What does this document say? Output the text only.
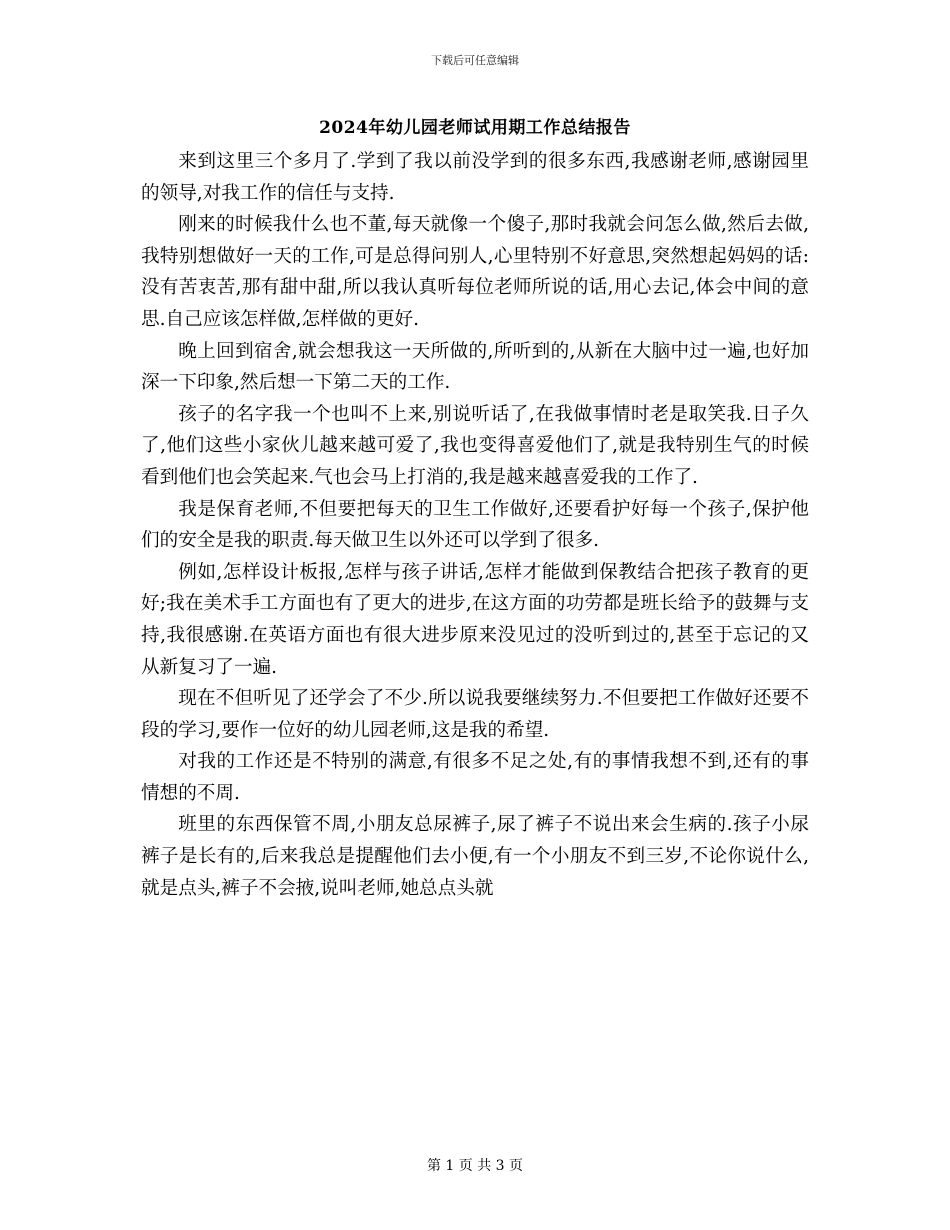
下载后可任意编辑
2024年幼儿园老师试用期工作总结报告

来到这里三个多月了.学到了我以前没学到的很多东西,我感谢老师,感谢园里的领导,对我工作的信任与支持.

刚来的时候我什么也不董,每天就像一个傻子,那时我就会问怎么做,然后去做,我特别想做好一天的工作,可是总得问别人,心里特别不好意思,突然想起妈妈的话:没有苦衷苦,那有甜中甜,所以我认真听每位老师所说的话,用心去记,体会中间的意思.自己应该怎样做,怎样做的更好.

晚上回到宿舍,就会想我这一天所做的,所听到的,从新在大脑中过一遍,也好加深一下印象,然后想一下第二天的工作.

孩子的名字我一个也叫不上来,别说听话了,在我做事情时老是取笑我.日子久了,他们这些小家伙儿越来越可爱了,我也变得喜爱他们了,就是我特别生气的时候看到他们也会笑起来.气也会马上打消的,我是越来越喜爱我的工作了.

我是保育老师,不但要把每天的卫生工作做好,还要看护好每一个孩子,保护他们的安全是我的职责.每天做卫生以外还可以学到了很多.

例如,怎样设计板报,怎样与孩子讲话,怎样才能做到保教结合把孩子教育的更好;我在美术手工方面也有了更大的进步,在这方面的功劳都是班长给予的鼓舞与支持,我很感谢.在英语方面也有很大进步原来没见过的没听到过的,甚至于忘记的又从新复习了一遍.

现在不但听见了还学会了不少.所以说我要继续努力.不但要把工作做好还要不段的学习,要作一位好的幼儿园老师,这是我的希望.

对我的工作还是不特别的满意,有很多不足之处,有的事情我想不到,还有的事情想的不周.

班里的东西保管不周,小朋友总尿裤子,尿了裤子不说出来会生病的.孩子小尿裤子是长有的,后来我总是提醒他们去小便,有一个小朋友不到三岁,不论你说什么,就是点头,裤子不会掖,说叫老师,她总点头就

第 1 页 共 3 页
